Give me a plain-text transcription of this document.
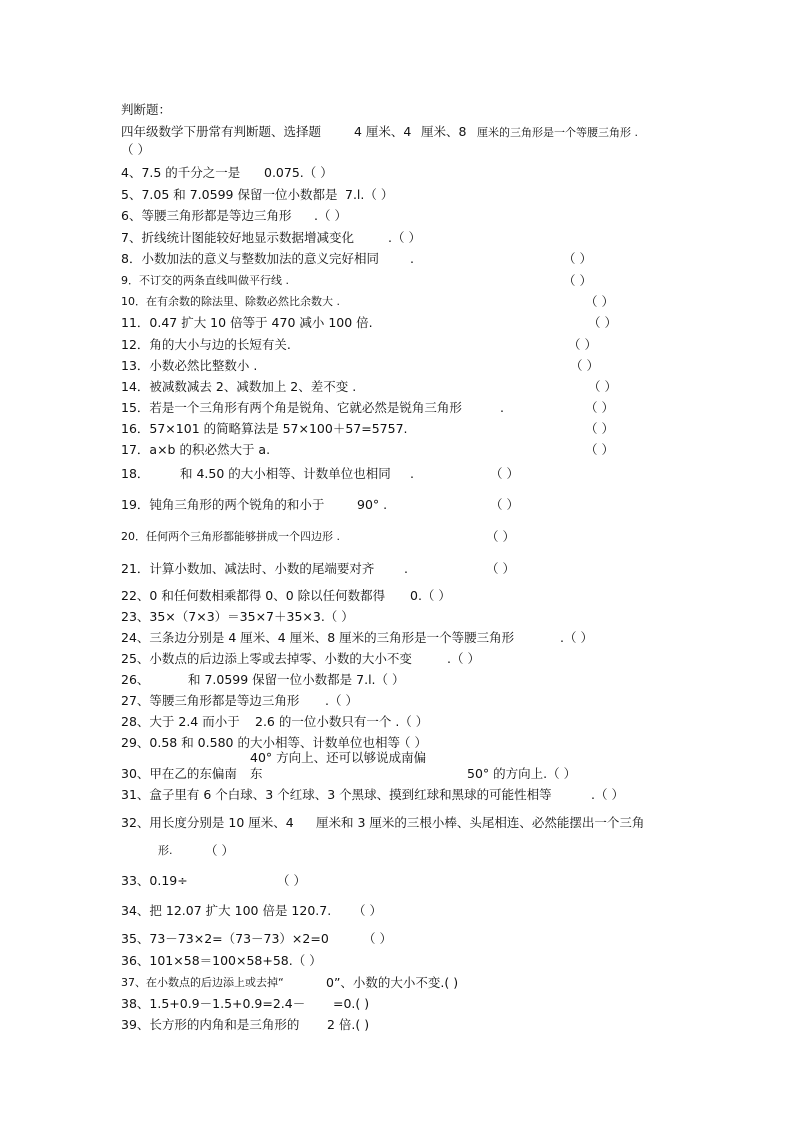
判断题：
四年级数学下册常有判断题、选择题	4 厘米、4 厘米、8 厘米的三角形是一个等腰三角形 .
（ ）
4、7.5 的千分之一是 0.075.（ ）
5、7.05 和 7.0599 保留一位小数都是 7.l.（ ）
6、等腰三角形都是等边三角形 .（ ）
7、折线统计图能较好地显示数据增减变化	.（ ）
8．小数加法的意义与整数加法的意义完好相同 .	（ ）
9．不订交的两条直线叫做平行线 .	（ ）
10．在有余数的除法里、除数必然比余数大 .	（ ）
11．0.47 扩大 10 倍等于 470 减小 100 倍.	（ ）
12．角的大小与边的长短有关.	（ ）
13．小数必然比整数小 .	（ ）
14．被减数减去 2、减数加上 2、差不变 .	（ ）
15．若是一个三角形有两个角是锐角、它就必然是锐角三角形	.	（ ）
16．57×101 的简略算法是 57×100＋57=5757.	（ ）
17．a×b 的积必然大于 a.	（ ）
18． 和 4.50 的大小相等、计数单位也相同 .	（ ）
19．钝角三角形的两个锐角的和小于	90° .	（ ）
20．任何两个三角形都能够拼成一个四边形 .	（ ）
21．计算小数加、减法时、小数的尾端要对齐 .	（ ）
22、0 和任何数相乘都得 0、0 除以任何数都得 0.（ ）
23、35×（7×3）＝35×7＋35×3.（ ）
24、三条边分别是 4 厘米、4 厘米、8 厘米的三角形是一个等腰三角形	.（ ）
25、小数点的后边添上零或去掉零、小数的大小不变	.（ ）
26、	和 7.0599 保留一位小数都是 7.l.（ ）
27、等腰三角形都是等边三角形 .（ ）
28、大于 2.4 而小于 2.6 的一位小数只有一个 .（ ）
29、0.58 和 0.580 的大小相等、计数单位也相等
.（ ）
40° 方向上、还可以够说成南偏
30、甲在乙的东偏南 东	50° 的方向上.（ ）
31、盒子里有 6 个白球、3 个红球、3 个黑球、摸到红球和黑球的可能性相等	.（ ）
32、用长度分别是 10 厘米、4 厘米和 3 厘米的三根小棒、头尾相连、必然能摆出一个三角
形.	（ ）
33、0.19÷	（ ）
34、把 12.07 扩大 100 倍是 120.7. （ ）
35、73－73×2=（73－73）×2=0	（ ）
36、101×58＝100×58+58.（ ）
37、在小数点的后边添上或去掉“	0”、小数的大小不变.( )
38、1.5+0.9－1.5+0.9=2.4－ =0.( )
39、长方形的内角和是三角形的 2 倍.( )
